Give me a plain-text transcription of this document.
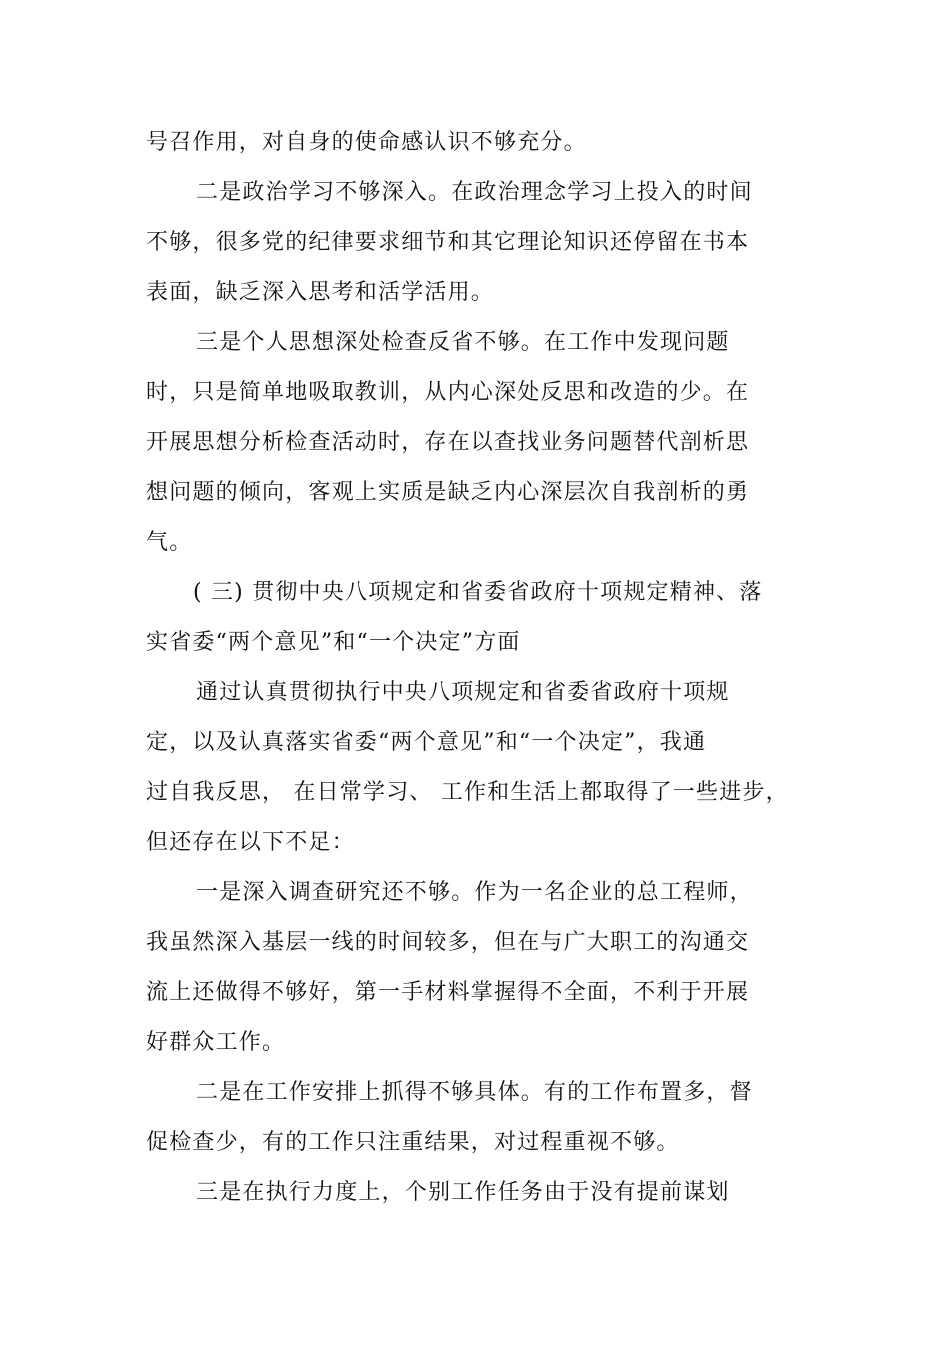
号召作用，对自身的使命感认识不够充分。
二是政治学习不够深入。在政治理念学习上投入的时间
不够，很多党的纪律要求细节和其它理论知识还停留在书本
表面，缺乏深入思考和活学活用。
三是个人思想深处检查反省不够。在工作中发现问题
时，只是简单地吸取教训，从内心深处反思和改造的少。在
开展思想分析检查活动时，存在以查找业务问题替代剖析思
想问题的倾向，客观上实质是缺乏内心深层次自我剖析的勇
气。
( 三) 贯彻中央八项规定和省委省政府十项规定精神、落
实省委“两个意见”和“一个决定”方面
通过认真贯彻执行中央八项规定和省委省政府十项规
定，以及认真落实省委“两个意见”和“一个决定”，我通
过自我反思， 在日常学习、 工作和生活上都取得了一些进步，
但还存在以下不足：
一是深入调查研究还不够。作为一名企业的总工程师，
我虽然深入基层一线的时间较多，但在与广大职工的沟通交
流上还做得不够好，第一手材料掌握得不全面，不利于开展
好群众工作。
二是在工作安排上抓得不够具体。有的工作布置多，督
促检查少，有的工作只注重结果，对过程重视不够。
三是在执行力度上，个别工作任务由于没有提前谋划
